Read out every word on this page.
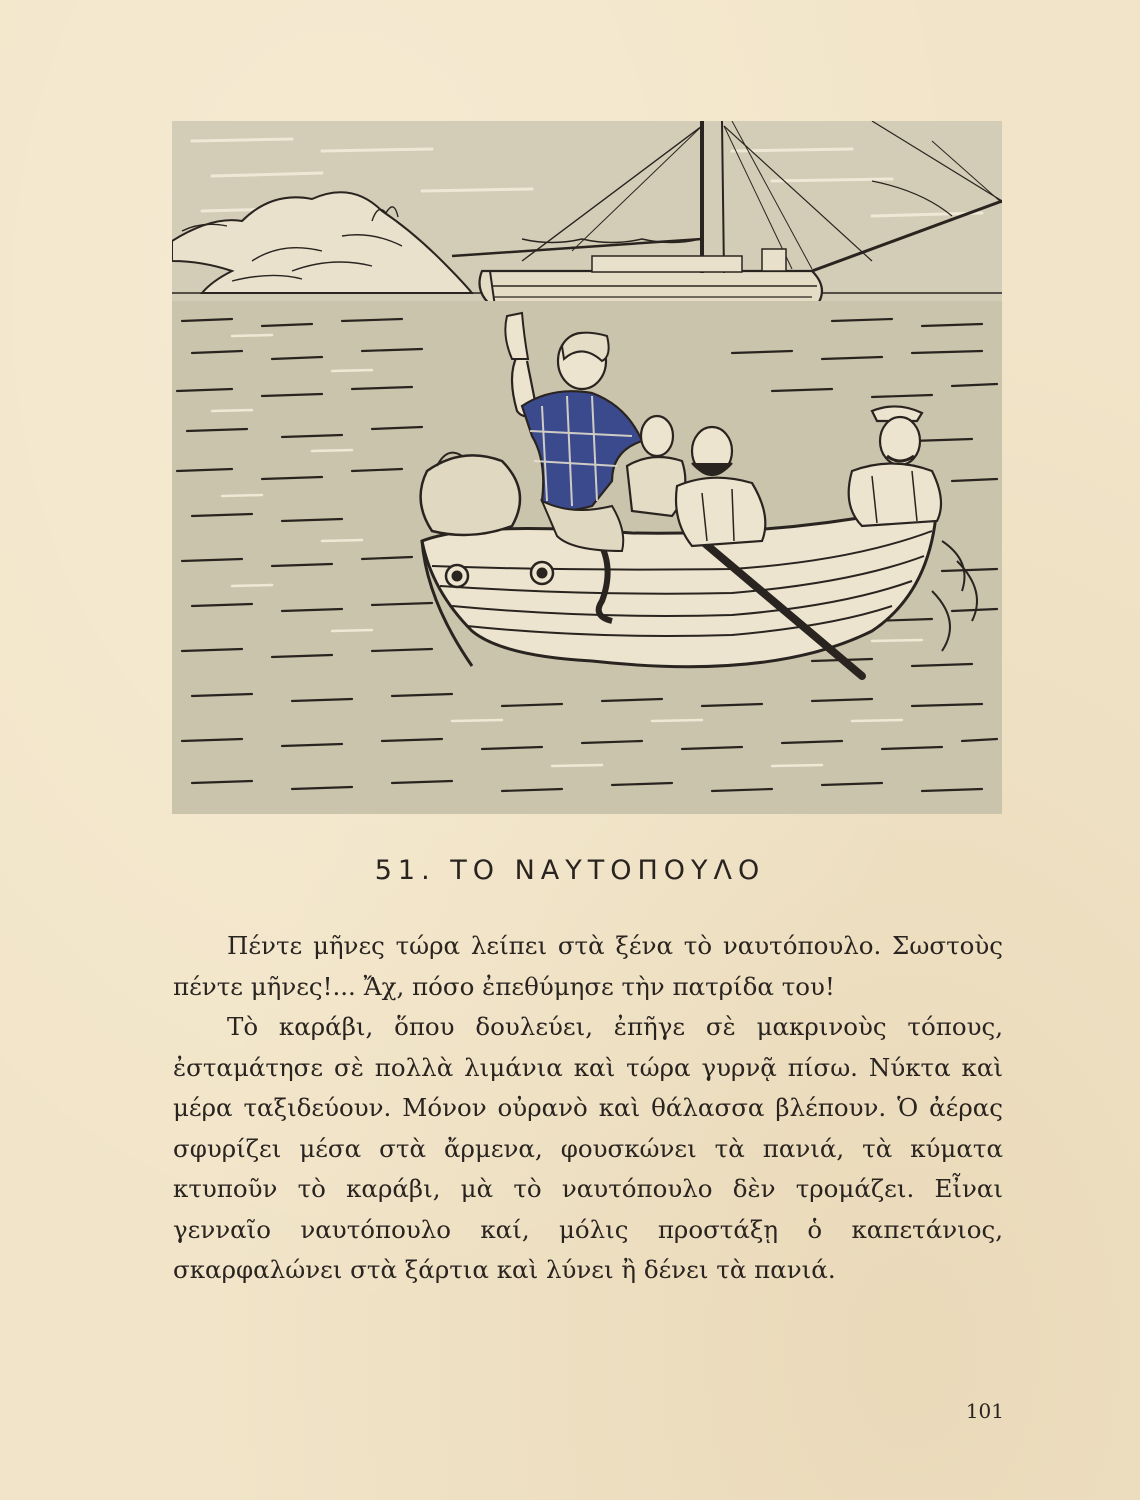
51. ΤΟ ΝΑΥΤΟΠΟΥΛΟ

Πέντε μῆνες τώρα λείπει στὰ ξένα τὸ ναυτόπουλο. Σωστοὺς πέντε μῆνες!... Ἄχ, πόσο ἐπεθύμησε τὴν πατρίδα του!

Τὸ καράβι, ὅπου δουλεύει, ἐπῆγε σὲ μακρινοὺς τόπους, ἐσταμάτησε σὲ πολλὰ λιμάνια καὶ τώρα γυρνᾷ πίσω. Νύκτα καὶ μέρα ταξιδεύουν. Μόνον οὐρανὸ καὶ θάλασσα βλέπουν. Ὁ ἀέρας σφυρίζει μέσα στὰ ἄρμενα, φουσκώνει τὰ πανιά, τὰ κύματα κτυποῦν τὸ καράβι, μὰ τὸ ναυτόπουλο δὲν τρομάζει. Εἶναι γενναῖο ναυτόπουλο καί, μόλις προστάξῃ ὁ καπετάνιος, σκαρφαλώνει στὰ ξάρτια καὶ λύνει ἢ δένει τὰ πανιά.

101
